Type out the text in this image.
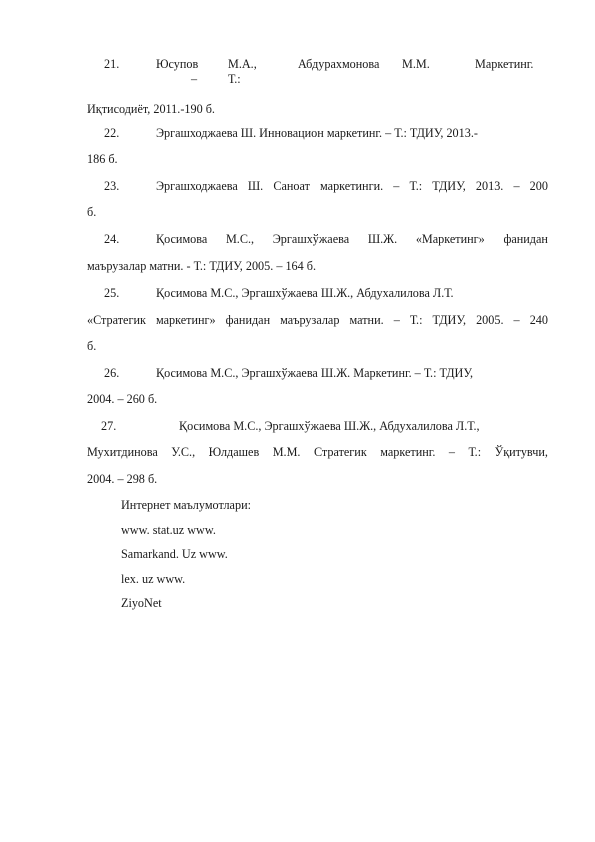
21.	Юсупов М.А.,	Абдурахмонова М.М.	Маркетинг.
–	Т.:
Иқтисодиёт, 2011.-190 б.
22.	Эргашходжаева Ш. Инновацион маркетинг. – Т.: ТДИУ, 2013.-
186 б.
23.	Эргашходжаева Ш. Саноат маркетинги. – Т.: ТДИУ, 2013. – 200
б.
24.	Қосимова М.С., Эргашхўжаева Ш.Ж. «Маркетинг» фанидан
маърузалар матни. - Т.: ТДИУ, 2005. – 164 б.
25.	Қосимова М.С., Эргашхўжаева Ш.Ж., Абдухалилова Л.Т.
«Стратегик маркетинг» фанидан маърузалар матни. – Т.: ТДИУ, 2005. – 240
б.
26.	Қосимова М.С., Эргашхўжаева Ш.Ж. Маркетинг. – Т.: ТДИУ,
2004. – 260 б.
27.	Қосимова М.С., Эргашхўжаева Ш.Ж., Абдухалилова Л.Т.,
Мухитдинова У.С., Юлдашев М.М. Стратегик маркетинг. – Т.: Ўқитувчи,
2004. – 298 б.
Интернет маълумотлари:
www. stat.uz www.
Samarkand. Uz www.
lex. uz www.
ZiyoNet
